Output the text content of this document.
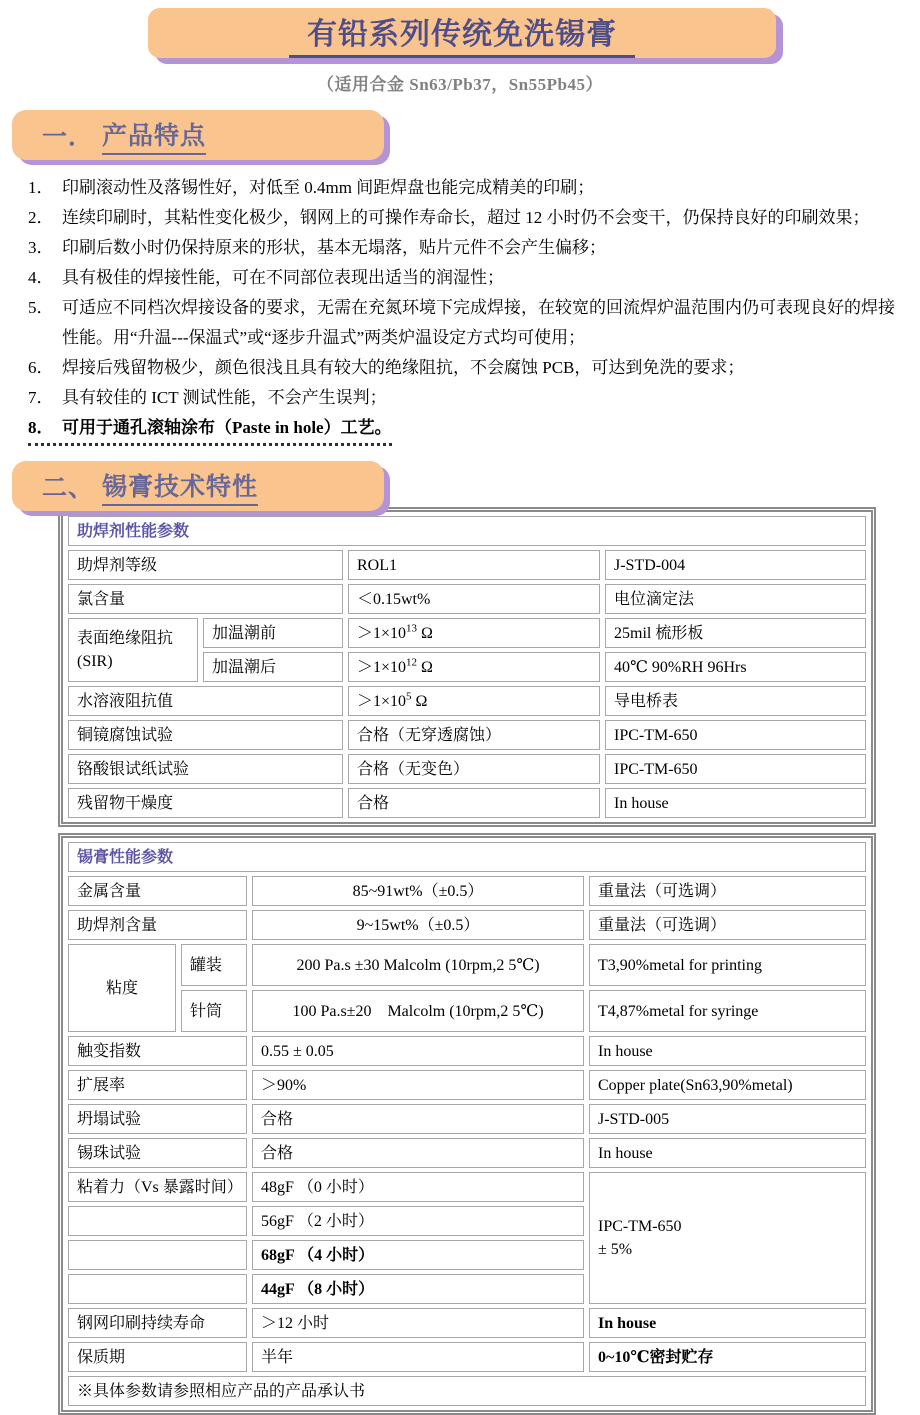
有铅系列传统免洗锡膏
（适用合金 Sn63/Pb37，Sn55Pb45）
一． 产品特点
1． 印刷滚动性及落锡性好，对低至 0.4mm 间距焊盘也能完成精美的印刷；
2． 连续印刷时，其粘性变化极少，钢网上的可操作寿命长，超过 12 小时仍不会变干，仍保持良好的印刷效果；
3． 印刷后数小时仍保持原来的形状，基本无塌落，贴片元件不会产生偏移；
4． 具有极佳的焊接性能，可在不同部位表现出适当的润湿性；
5． 可适应不同档次焊接设备的要求，无需在充氮环境下完成焊接，在较宽的回流焊炉温范围内仍可表现良好的焊接性能。用“升温---保温式”或“逐步升温式”两类炉温设定方式均可使用；
6． 焊接后残留物极少，颜色很浅且具有较大的绝缘阻抗，不会腐蚀 PCB，可达到免洗的要求；
7． 具有较佳的 ICT 测试性能，不会产生误判；
8． 可用于通孔滚轴涂布（Paste in hole）工艺。
二、 锡膏技术特性
助焊剂性能参数			
助焊剂等级		ROL1	J-STD-004
氯含量		＜0.15wt%	电位滴定法

表面绝缘阻抗
(SIR)	加温潮前	$>1\times 10^{13}$ Ω	25mil 梳形板
	加温潮后	$>1\times 10^{12}$ Ω	40℃ 90%RH 96Hrs
水溶液阻抗值		$>1\times 10^5$ Ω	导电桥表
铜镜腐蚀试验		合格（无穿透腐蚀）	IPC-TM-650
铬酸银试纸试验		合格（无变色）	IPC-TM-650
残留物干燥度		合格	In house
锡膏性能参数			
金属含量		85~91wt%（±0.5）	重量法（可选调）
助焊剂含量		9~15wt%（±0.5）	重量法（可选调）
粘度	罐装	200 Pa.s ±30 Malcolm (10rpm,2 5℃)	T3,90%metal for printing
	针筒	100 Pa.s±20　Malcolm (10rpm,2 5℃)	T4,87%metal for syringe
触变指数		0.55 ± 0.05	In house
扩展率		＞90%	Copper plate(Sn63,90%metal)
坍塌试验		合格	J-STD-005
锡珠试验		合格	In house
粘着力（Vs 暴露时间）		48gF （0 小时）	IPC-TM-650
± 5%

		56gF （2 小时）	
		68gF （4 小时）	
		44gF （8 小时）	
钢网印刷持续寿命		＞12 小时	In house
保质期		半年	0~10℃密封贮存
※具体参数请参照相应产品的产品承认书			
